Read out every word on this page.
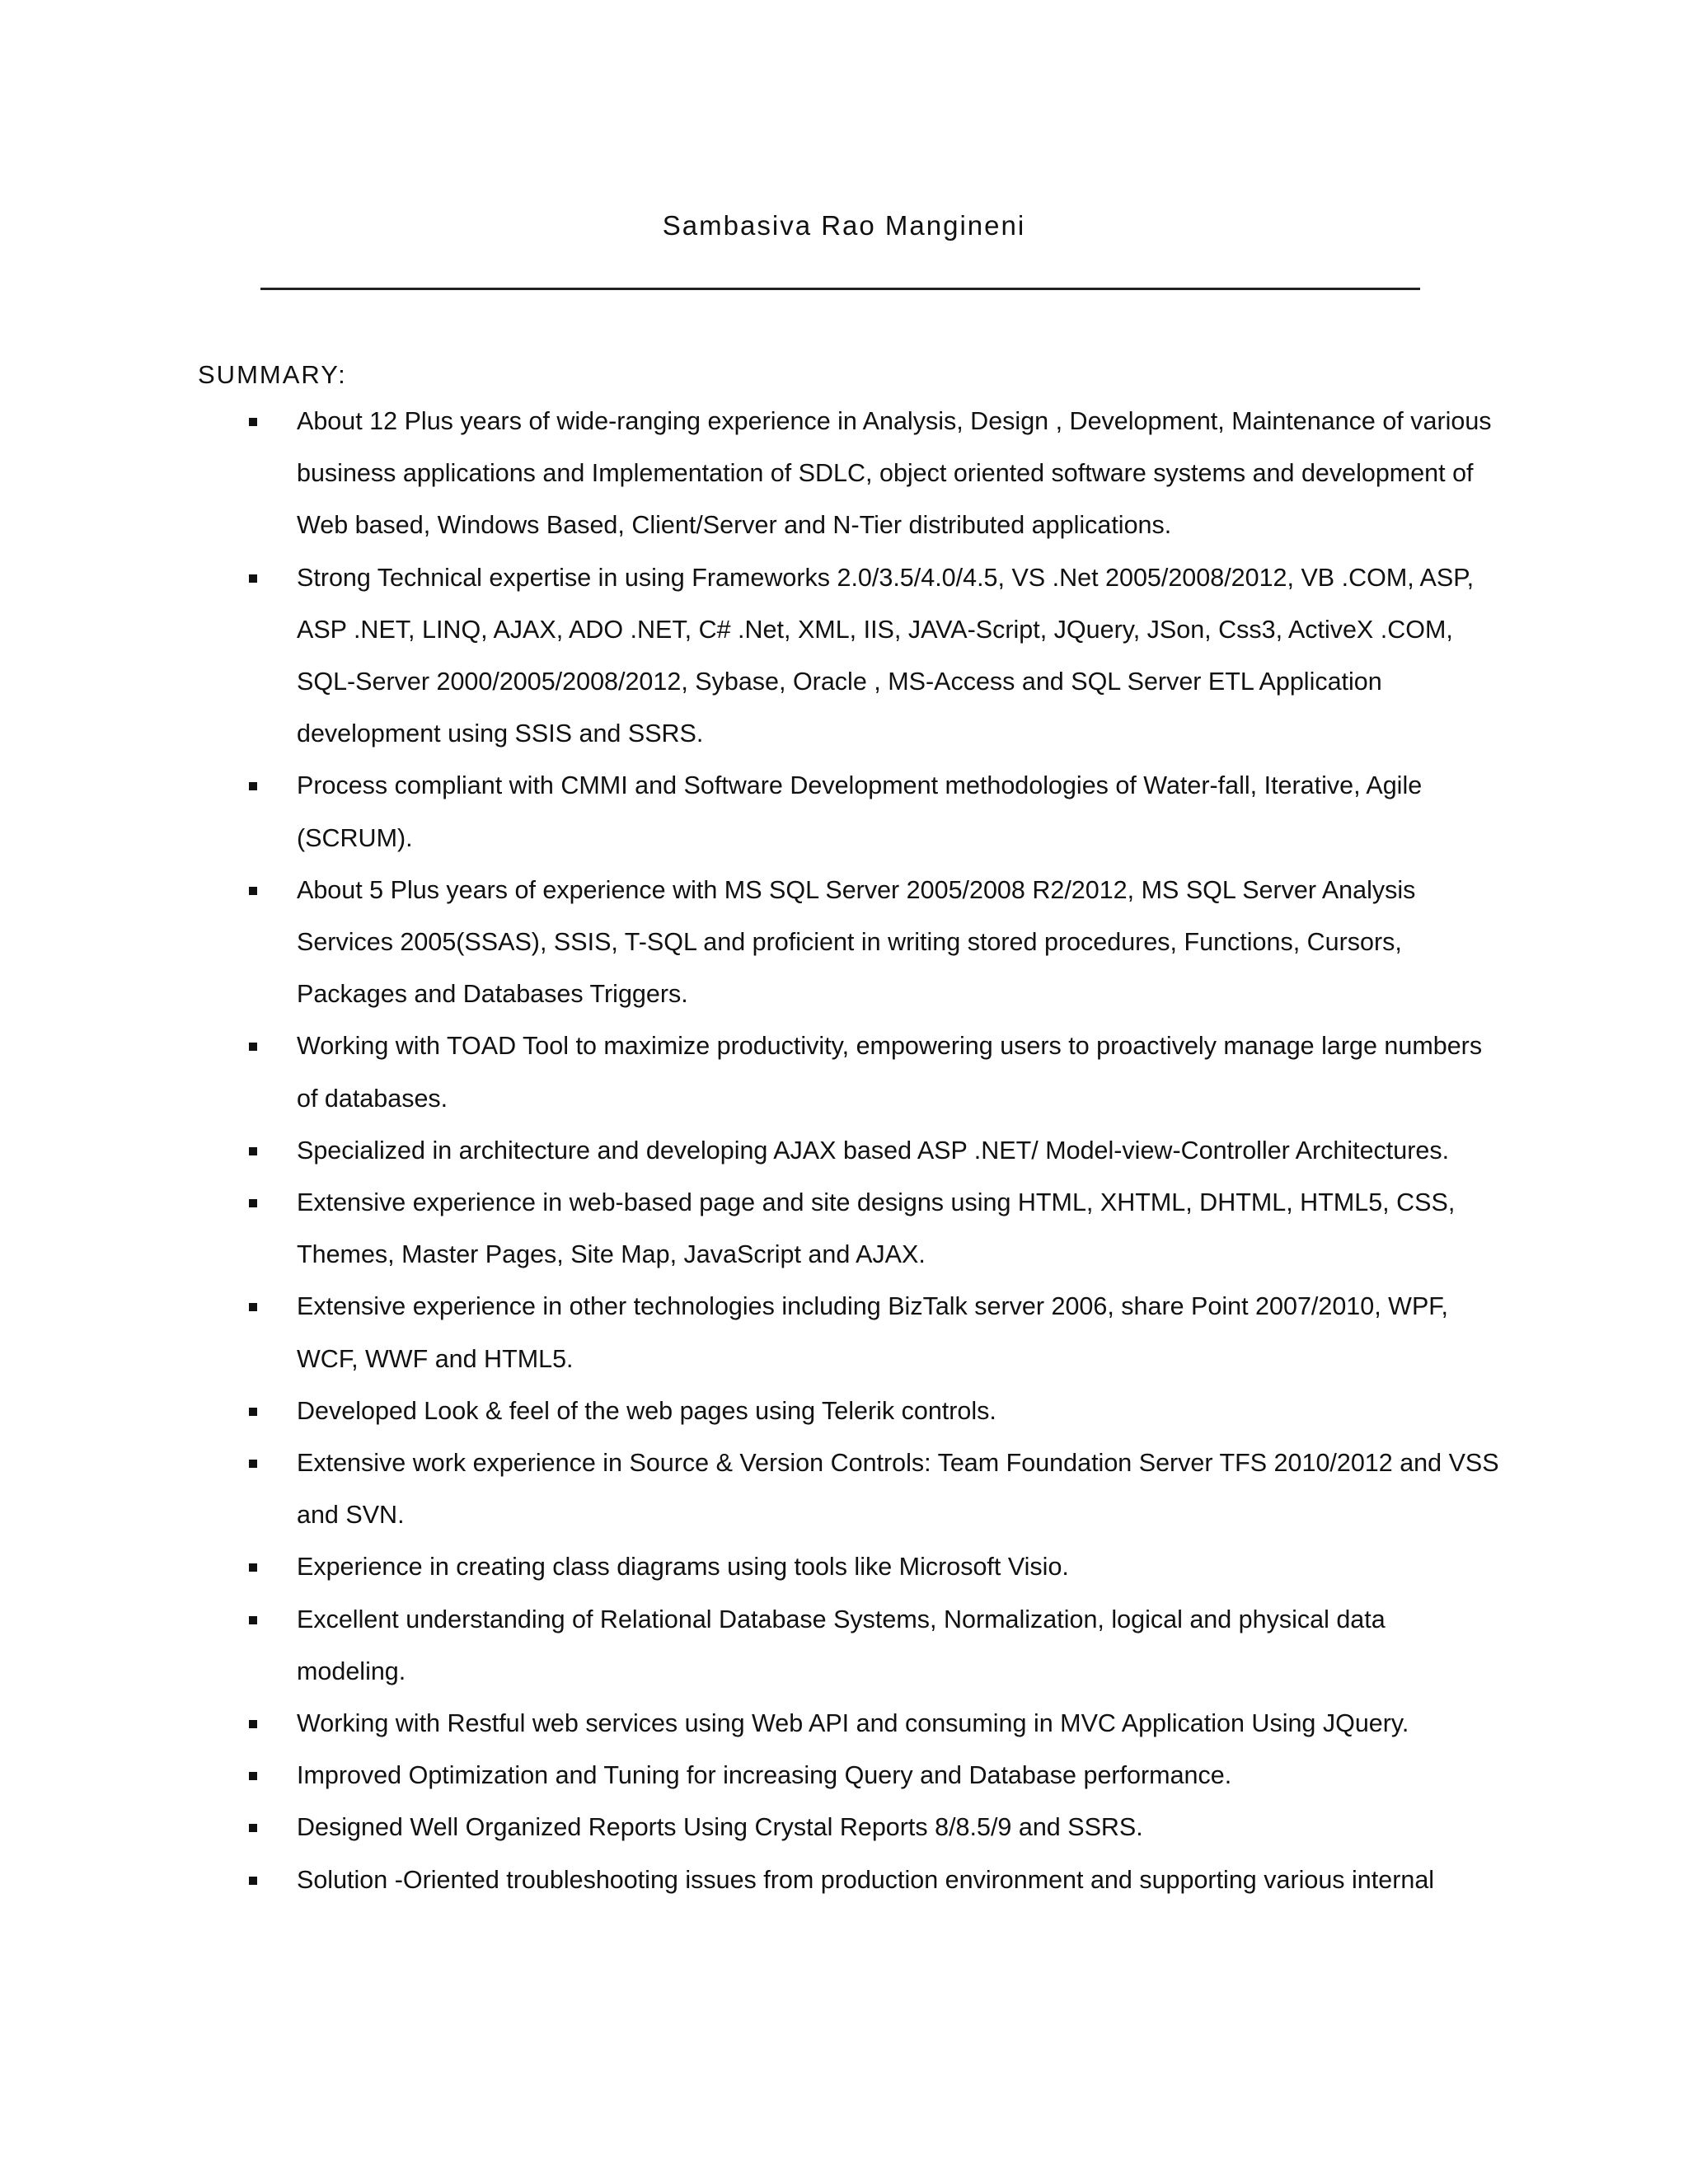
Sambasiva Rao Mangineni
SUMMARY:
About 12 Plus years of wide-ranging experience in Analysis, Design , Development, Maintenance of various business applications and Implementation of SDLC, object oriented software systems and development of Web based, Windows Based, Client/Server and N-Tier distributed applications.
Strong Technical expertise in using Frameworks 2.0/3.5/4.0/4.5, VS .Net 2005/2008/2012, VB .COM, ASP, ASP .NET, LINQ, AJAX, ADO .NET, C# .Net, XML, IIS, JAVA-Script, JQuery, JSon, Css3, ActiveX .COM, SQL-Server 2000/2005/2008/2012, Sybase, Oracle , MS-Access and SQL Server ETL Application development using SSIS and SSRS.
Process compliant with CMMI and Software Development methodologies of Water-fall, Iterative, Agile (SCRUM).
About 5 Plus years of experience with MS SQL Server 2005/2008 R2/2012, MS SQL Server Analysis Services 2005(SSAS), SSIS, T-SQL and proficient in writing stored procedures, Functions, Cursors, Packages and Databases Triggers.
Working with TOAD Tool to maximize productivity, empowering users to proactively manage large numbers of databases.
Specialized in architecture and developing AJAX based ASP .NET/ Model-view-Controller Architectures.
Extensive experience in web-based page and site designs using HTML, XHTML, DHTML, HTML5, CSS, Themes, Master Pages, Site Map, JavaScript and AJAX.
Extensive experience in other technologies including BizTalk server 2006, share Point 2007/2010, WPF, WCF, WWF and HTML5.
Developed Look & feel of the web pages using Telerik controls.
Extensive work experience in Source & Version Controls: Team Foundation Server TFS 2010/2012 and VSS and SVN.
Experience in creating class diagrams using tools like Microsoft Visio.
Excellent understanding of Relational Database Systems, Normalization, logical and physical data modeling.
Working with Restful web services using Web API and consuming in MVC Application Using JQuery.
Improved Optimization and Tuning for increasing Query and Database performance.
Designed Well Organized Reports Using Crystal Reports 8/8.5/9 and SSRS.
Solution -Oriented troubleshooting issues from production environment and supporting various internal
